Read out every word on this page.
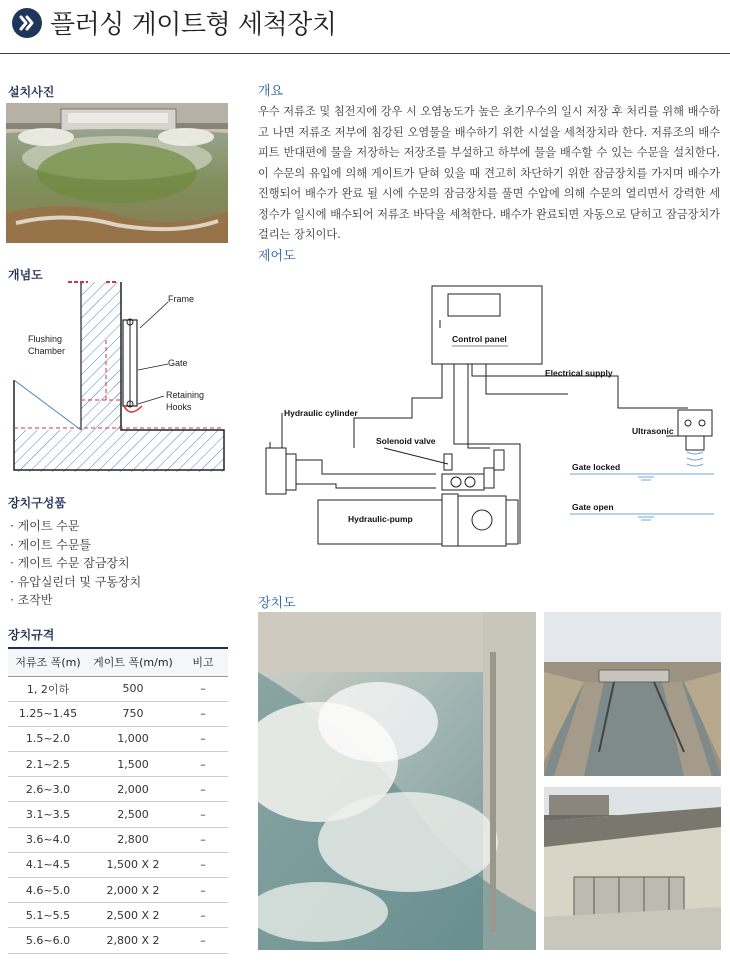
플러싱 게이트형 세척장치
설치사진
개념도
Frame
Flushing
Chamber
Gate
Retaining
Hooks
장치구성품
· 게이트 수문
· 게이트 수문틀
· 게이트 수문 잠금장치
· 유압실린더 및 구동장치
· 조작반
장치규격
저류조 폭(m)	게이트 폭(m/m)	비고
1, 2이하	500	–
1.25~1.45	750	–
1.5~2.0	1,000	–
2.1~2.5	1,500	–
2.6~3.0	2,000	–
3.1~3.5	2,500	–
3.6~4.0	2,800	–
4.1~4.5	1,500 X 2	–
4.6~5.0	2,000 X 2	–
5.1~5.5	2,500 X 2	–
5.6~6.0	2,800 X 2	–
개요
우수 저류조 및 침전지에 강우 시 오염농도가 높은 초기우수의 일시 저장 후 처리를 위해 배수하고 나면 저류조 저부에 침강된 오염물을 배수하기 위한 시설을 세척장치라 한다. 저류조의 배수피트 반대편에 물을 저장하는 저장조를 부설하고 하부에 물을 배수할 수 있는 수문을 설치한다. 이 수문의 유입에 의해 게이트가 닫혀 있을 때 견고히 차단하기 위한 잠금장치를 가지며 배수가 진행되어 배수가 완료 될 시에 수문의 잠금장치를 풀면 수압에 의해 수문의 열리면서 강력한 세정수가 일시에 배수되어 저류조 바닥을 세척한다. 배수가 완료되면 자동으로 닫히고 잠금장치가 걸리는 장치이다.
제어도
Control panel
Electrical supply
Hydraulic cylinder
Solenoid valve
Ultrasonic
Gate locked
Gate open
Hydraulic-pump
장치도
